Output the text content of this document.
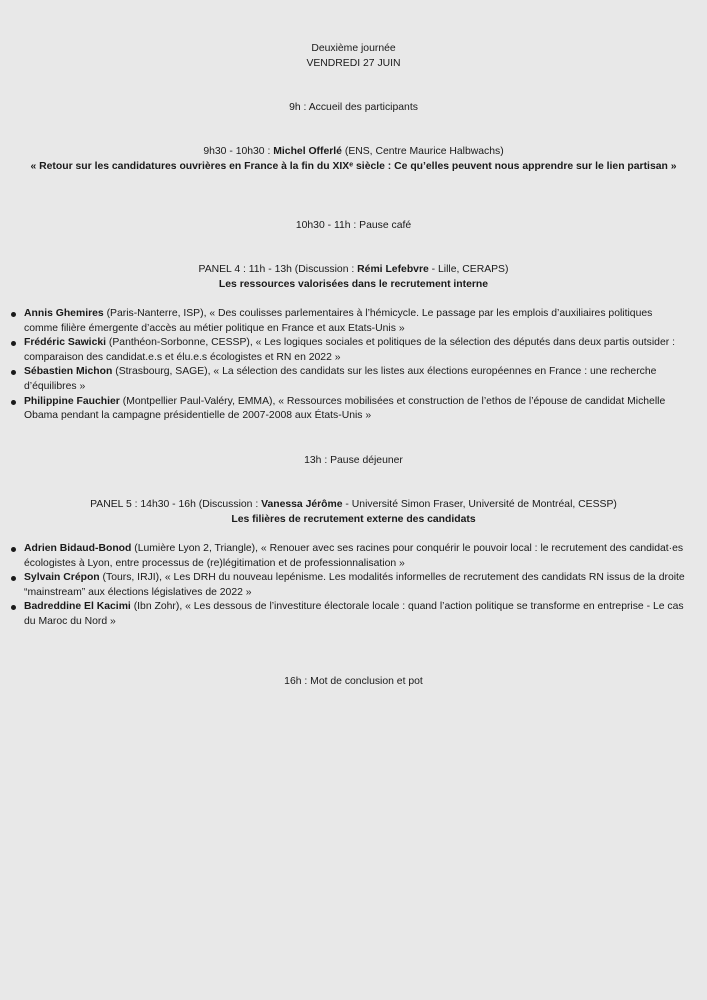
Deuxième journée
VENDREDI 27 JUIN
9h : Accueil des participants
9h30 - 10h30 : Michel Offerlé (ENS, Centre Maurice Halbwachs)
« Retour sur les candidatures ouvrières en France à la fin du XIXᵉ siècle : Ce qu’elles peuvent nous apprendre sur le lien partisan »
10h30 - 11h : Pause café
PANEL 4 : 11h - 13h (Discussion : Rémi Lefebvre - Lille, CERAPS)
Les ressources valorisées dans le recrutement interne
Annis Ghemires (Paris-Nanterre, ISP), « Des coulisses parlementaires à l’hémicycle. Le passage par les emplois d’auxiliaires politiques comme filière émergente d’accès au métier politique en France et aux Etats-Unis »
Frédéric Sawicki (Panthéon-Sorbonne, CESSP), « Les logiques sociales et politiques de la sélection des députés dans deux partis outsider : comparaison des candidat.e.s et élu.e.s écologistes et RN en 2022 »
Sébastien Michon (Strasbourg, SAGE), « La sélection des candidats sur les listes aux élections européennes en France : une recherche d’équilibres »
Philippine Fauchier (Montpellier Paul-Valéry, EMMA), « Ressources mobilisées et construction de l’ethos de l’épouse de candidat Michelle Obama pendant la campagne présidentielle de 2007-2008 aux États-Unis »
13h : Pause déjeuner
PANEL 5 : 14h30 - 16h (Discussion : Vanessa Jérôme - Université Simon Fraser, Université de Montréal, CESSP)
Les filières de recrutement externe des candidats
Adrien Bidaud-Bonod (Lumière Lyon 2, Triangle), « Renouer avec ses racines pour conquérir le pouvoir local : le recrutement des candidat·es écologistes à Lyon, entre processus de (re)légitimation et de professionnalisation »
Sylvain Crépon (Tours, IRJI), « Les DRH du nouveau lepénisme. Les modalités informelles de recrutement des candidats RN issus de la droite “mainstream” aux élections législatives de 2022 »
Badreddine El Kacimi (Ibn Zohr), « Les dessous de l’investiture électorale locale : quand l’action politique se transforme en entreprise - Le cas du Maroc du Nord »
16h : Mot de conclusion et pot
